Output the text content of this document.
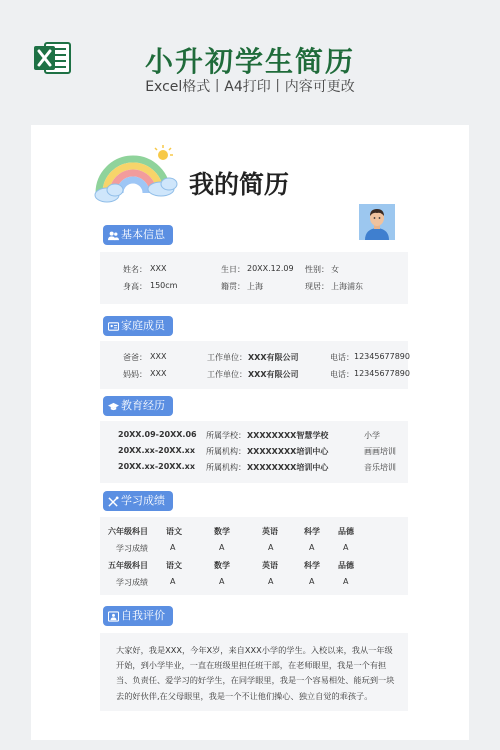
小升初学生简历
Excel格式丨A4打印丨内容可更改
我的简历
基本信息
姓名： XXX	生日： 20XX.12.09 性别： 女
身高： 150cm	籍贯： 上海	现居： 上海浦东
家庭成员
爸爸： XXX	工作单位： XXX有限公司	电话： 12345677890
妈妈： XXX	工作单位： XXX有限公司	电话： 12345677890
教育经历
20XX.09-20XX.06 所属学校： XXXXXXXX智慧学校	小学
20XX.xx-20XX.xx 所属机构： XXXXXXXX培训中心	画画培训
20XX.xx-20XX.xx 所属机构： XXXXXXXX培训中心	音乐培训
学习成绩
六年级科目 语文	数学	英语	科学 品德
学习成绩	A	A	A	A	A
五年级科目 语文	数学	英语	科学 品德
学习成绩	A	A	A	A	A
自我评价
大家好，我是XXX，今年X岁，来自XXX小学的学生。入校以来，我从一年级开始，到小学毕业，一直在班级里担任班干部，在老师眼里，我是一个有担当、负责任、爱学习的好学生，在同学眼里，我是一个容易相处、能玩到一块去的好伙伴,在父母眼里，我是一个不让他们操心、独立自觉的乖孩子。
